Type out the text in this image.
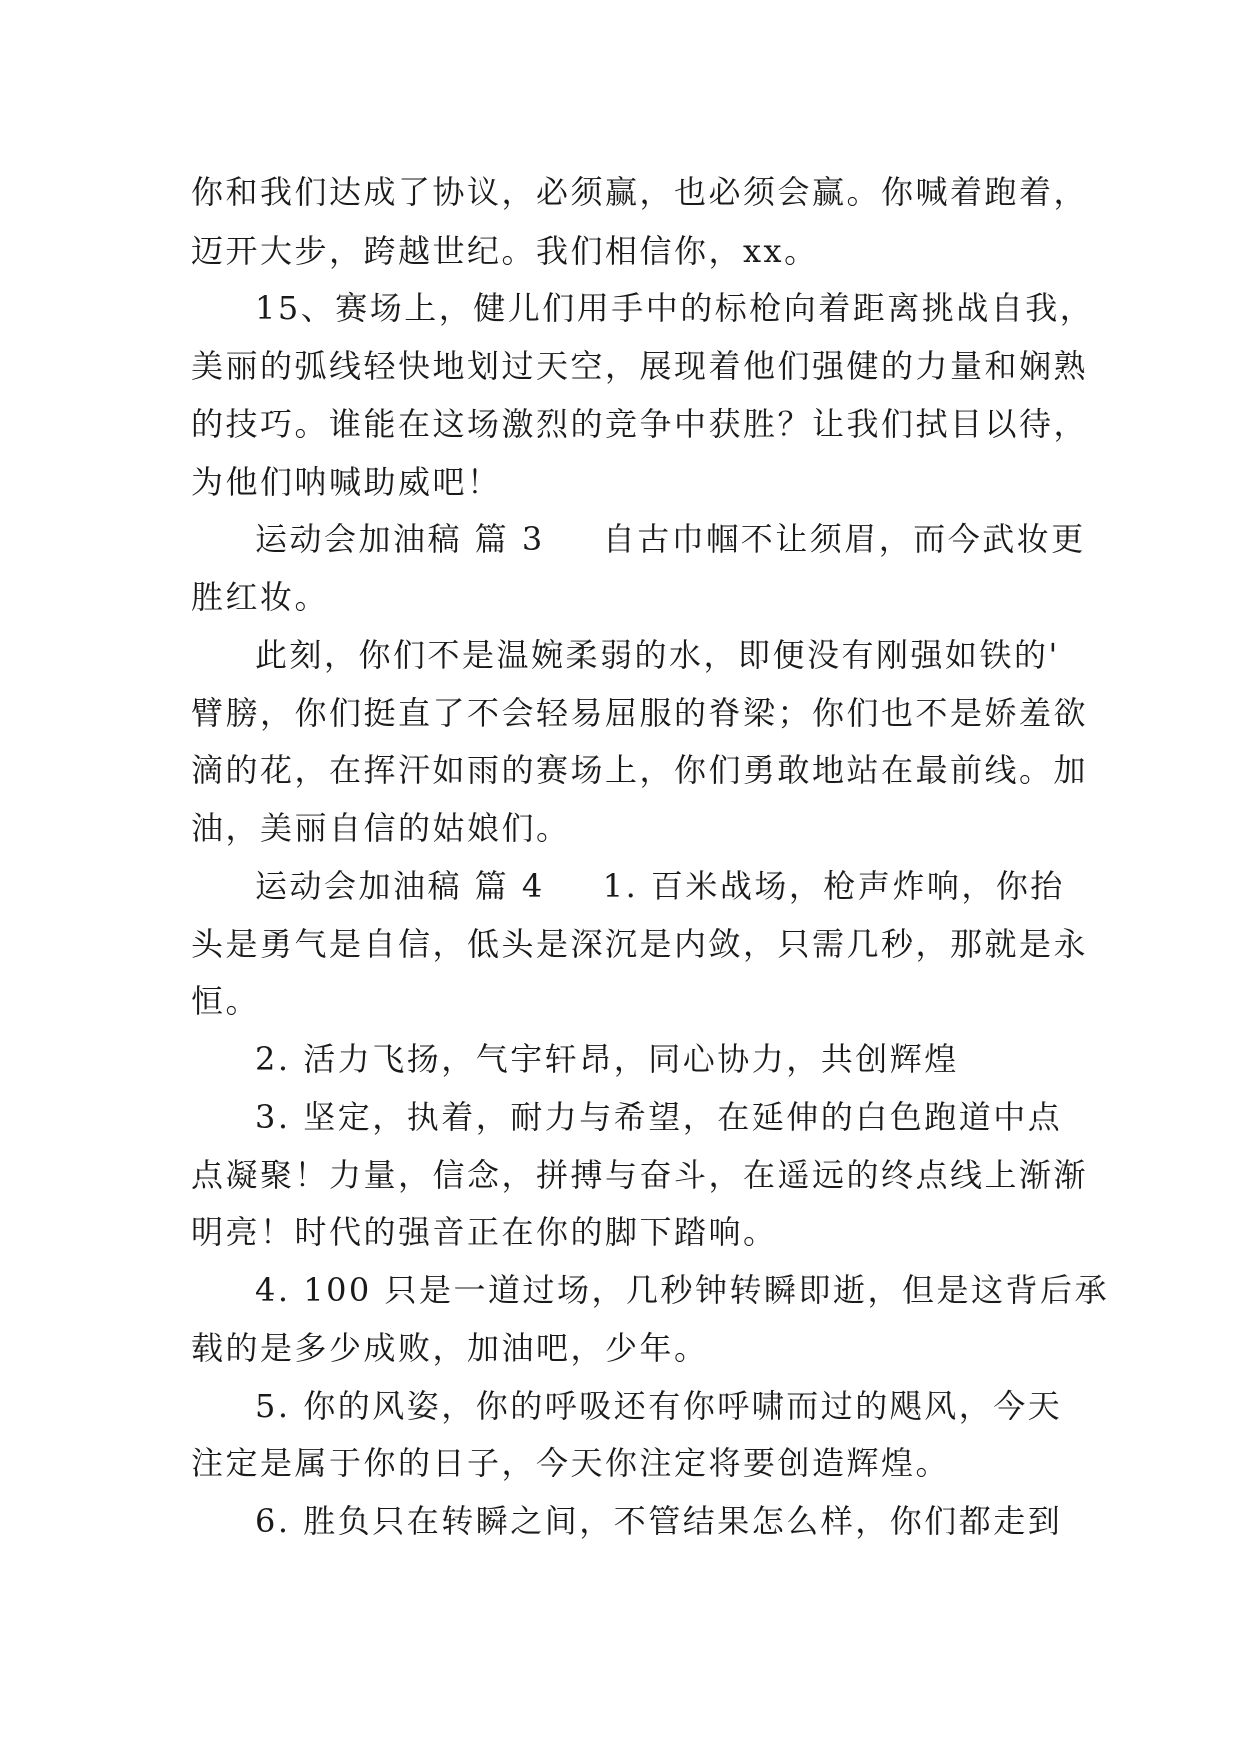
你和我们达成了协议，必须赢，也必须会赢。你喊着跑着，
迈开大步，跨越世纪。我们相信你，xx。
15、赛场上，健儿们用手中的标枪向着距离挑战自我，
美丽的弧线轻快地划过天空，展现着他们强健的力量和娴熟
的技巧。谁能在这场激烈的竞争中获胜？让我们拭目以待，
为他们呐喊助威吧！
运动会加油稿 篇 3 自古巾帼不让须眉，而今武妆更
胜红妆。
此刻，你们不是温婉柔弱的水，即便没有刚强如铁的'
臂膀，你们挺直了不会轻易屈服的脊梁；你们也不是娇羞欲
滴的花，在挥汗如雨的赛场上，你们勇敢地站在最前线。加
油，美丽自信的姑娘们。
运动会加油稿 篇 4 1. 百米战场，枪声炸响，你抬
头是勇气是自信，低头是深沉是内敛，只需几秒，那就是永
恒。
2. 活力飞扬，气宇轩昂，同心协力，共创辉煌
3. 坚定，执着，耐力与希望，在延伸的白色跑道中点
点凝聚！力量，信念，拼搏与奋斗，在遥远的终点线上渐渐
明亮！时代的强音正在你的脚下踏响。
4. 100 只是一道过场，几秒钟转瞬即逝，但是这背后承
载的是多少成败，加油吧，少年。
5. 你的风姿，你的呼吸还有你呼啸而过的飓风，今天
注定是属于你的日子，今天你注定将要创造辉煌。
6. 胜负只在转瞬之间，不管结果怎么样，你们都走到
